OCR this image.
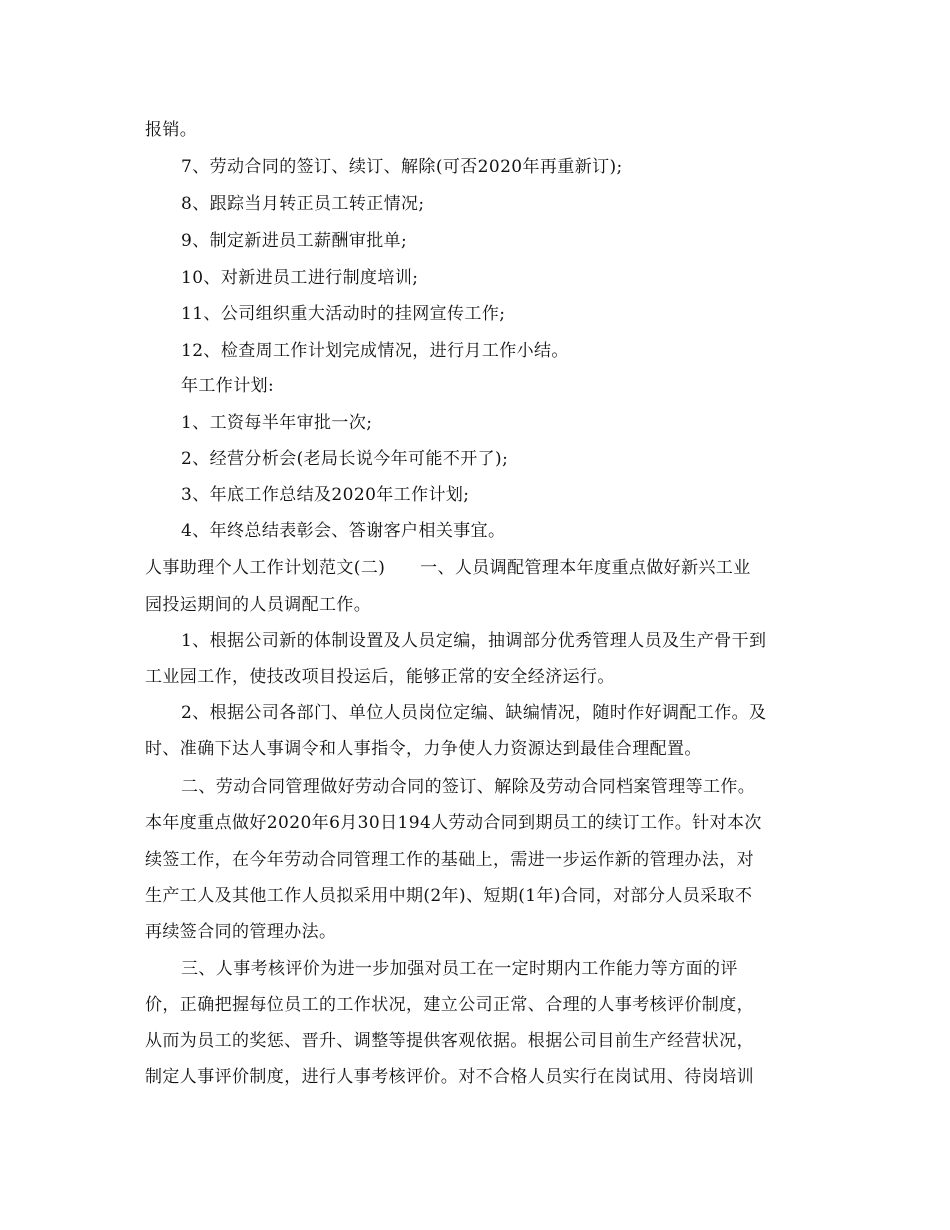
报销。
7、劳动合同的签订、续订、解除(可否2020年再重新订);
8、跟踪当月转正员工转正情况;
9、制定新进员工薪酬审批单;
10、对新进员工进行制度培训;
11、公司组织重大活动时的挂网宣传工作;
12、检查周工作计划完成情况，进行月工作小结。
年工作计划:
1、工资每半年审批一次;
2、经营分析会(老局长说今年可能不开了);
3、年底工作总结及2020年工作计划;
4、年终总结表彰会、答谢客户相关事宜。
人事助理个人工作计划范文(二)　　一、人员调配管理本年度重点做好新兴工业
园投运期间的人员调配工作。
1、根据公司新的体制设置及人员定编，抽调部分优秀管理人员及生产骨干到
工业园工作，使技改项目投运后，能够正常的安全经济运行。
2、根据公司各部门、单位人员岗位定编、缺编情况，随时作好调配工作。及
时、准确下达人事调令和人事指令，力争使人力资源达到最佳合理配置。
二、劳动合同管理做好劳动合同的签订、解除及劳动合同档案管理等工作。
本年度重点做好2020年6月30日194人劳动合同到期员工的续订工作。针对本次
续签工作，在今年劳动合同管理工作的基础上，需进一步运作新的管理办法，对
生产工人及其他工作人员拟采用中期(2年)、短期(1年)合同，对部分人员采取不
再续签合同的管理办法。
三、人事考核评价为进一步加强对员工在一定时期内工作能力等方面的评
价，正确把握每位员工的工作状况，建立公司正常、合理的人事考核评价制度，
从而为员工的奖惩、晋升、调整等提供客观依据。根据公司目前生产经营状况，
制定人事评价制度，进行人事考核评价。对不合格人员实行在岗试用、待岗培训
